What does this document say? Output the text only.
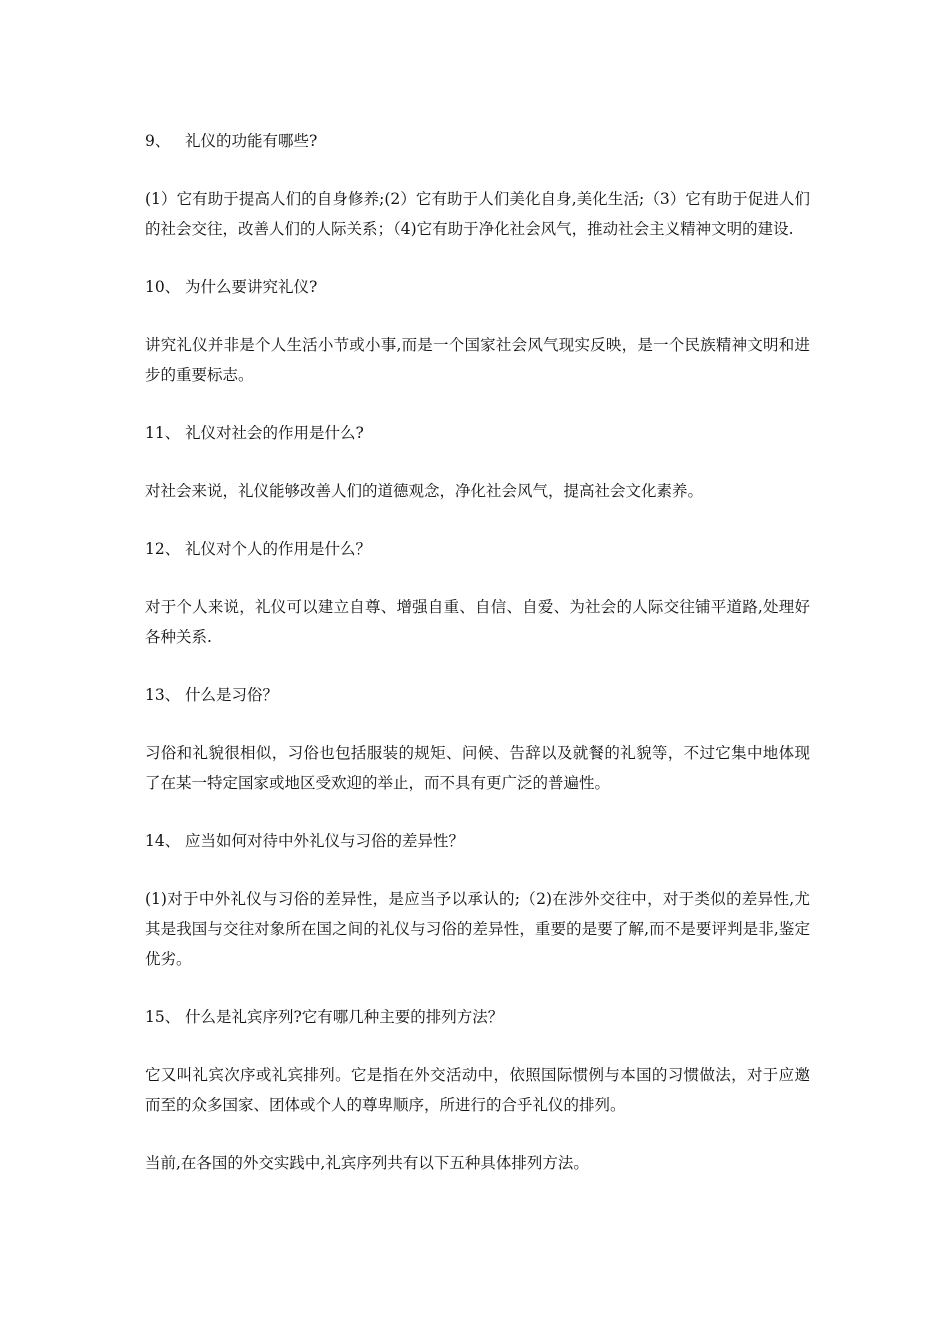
9、 礼仪的功能有哪些?

(1）它有助于提高人们的自身修养;(2）它有助于人们美化自身,美化生活;（3）它有助于促进人们的社会交往，改善人们的人际关系；（4)它有助于净化社会风气，推动社会主义精神文明的建设.

10、 为什么要讲究礼仪?

讲究礼仪并非是个人生活小节或小事,而是一个国家社会风气现实反映，是一个民族精神文明和进步的重要标志。

11、 礼仪对社会的作用是什么?

对社会来说，礼仪能够改善人们的道德观念，净化社会风气，提高社会文化素养。

12、 礼仪对个人的作用是什么？

对于个人来说，礼仪可以建立自尊、增强自重、自信、自爱、为社会的人际交往铺平道路,处理好各种关系.

13、 什么是习俗？

习俗和礼貌很相似，习俗也包括服装的规矩、问候、告辞以及就餐的礼貌等，不过它集中地体现了在某一特定国家或地区受欢迎的举止，而不具有更广泛的普遍性。

14、 应当如何对待中外礼仪与习俗的差异性？

(1)对于中外礼仪与习俗的差异性，是应当予以承认的;（2)在涉外交往中，对于类似的差异性,尤其是我国与交往对象所在国之间的礼仪与习俗的差异性，重要的是要了解,而不是要评判是非,鉴定优劣。

15、 什么是礼宾序列?它有哪几种主要的排列方法？

它又叫礼宾次序或礼宾排列。它是指在外交活动中，依照国际惯例与本国的习惯做法，对于应邀而至的众多国家、团体或个人的尊卑顺序，所进行的合乎礼仪的排列。

当前,在各国的外交实践中,礼宾序列共有以下五种具体排列方法。
